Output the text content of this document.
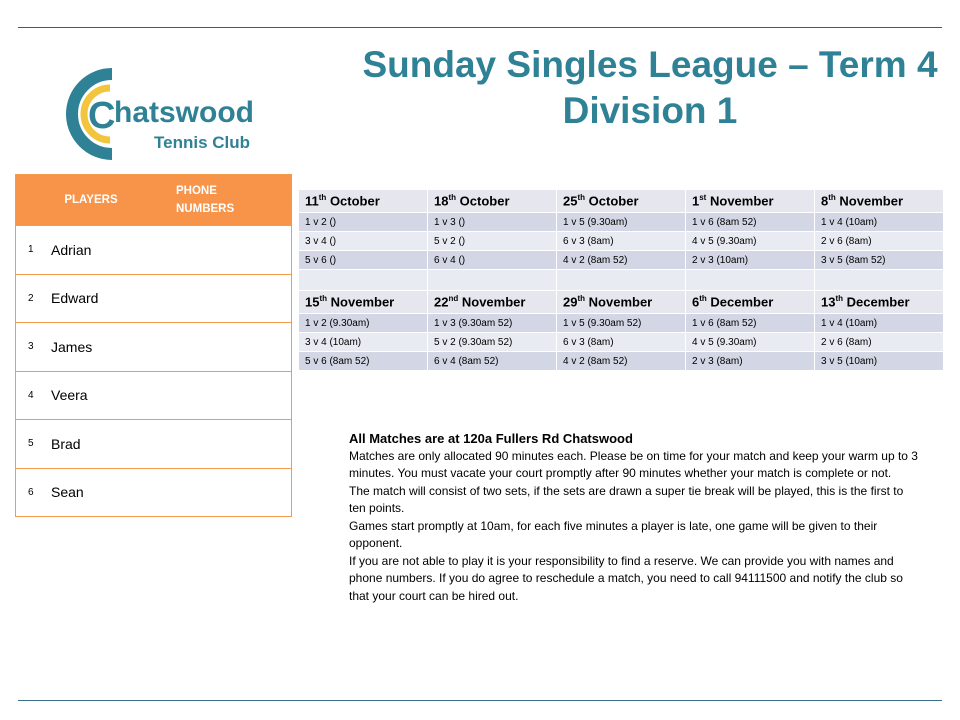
C
hatswood
Tennis Club
Sunday Singles League – Term 4
Division 1
PLAYERS
PHONE
NUMBERS
1 Adrian
2 Edward
3 James
4 Veera
5 Brad
6 Sean
11th October	18th October	25th October	1st November	8th November
1 v 2 ()	1 v 3 ()	1 v 5 (9.30am)	1 v 6 (8am 52)	1 v 4 (10am)
3 v 4 ()	5 v 2 ()	6 v 3 (8am)	4 v 5 (9.30am)	2 v 6 (8am)
5 v 6 ()	6 v 4 ()	4 v 2 (8am 52)	2 v 3 (10am)	3 v 5 (8am 52)

15th November	22nd November	29th November	6th December	13th December
1 v 2 (9.30am)	1 v 3 (9.30am 52)	1 v 5 (9.30am 52)	1 v 6 (8am 52)	1 v 4 (10am)
3 v 4 (10am)	5 v 2 (9.30am 52)	6 v 3 (8am)	4 v 5 (9.30am)	2 v 6 (8am)
5 v 6 (8am 52)	6 v 4 (8am 52)	4 v 2 (8am 52)	2 v 3 (8am)	3 v 5 (10am)

All Matches are at 120a Fullers Rd Chatswood

Matches are only allocated 90 minutes each. Please be on time for your match and keep your warm up to 3 minutes. You must vacate your court promptly after 90 minutes whether your match is complete or not.

The match will consist of two sets, if the sets are drawn a super tie break will be played, this is the first to ten points.

Games start promptly at 10am, for each five minutes a player is late, one game will be given to their opponent.

If you are not able to play it is your responsibility to find a reserve. We can provide you with names and phone numbers. If you do agree to reschedule a match, you need to call 94111500 and notify the club so that your court can be hired out.
